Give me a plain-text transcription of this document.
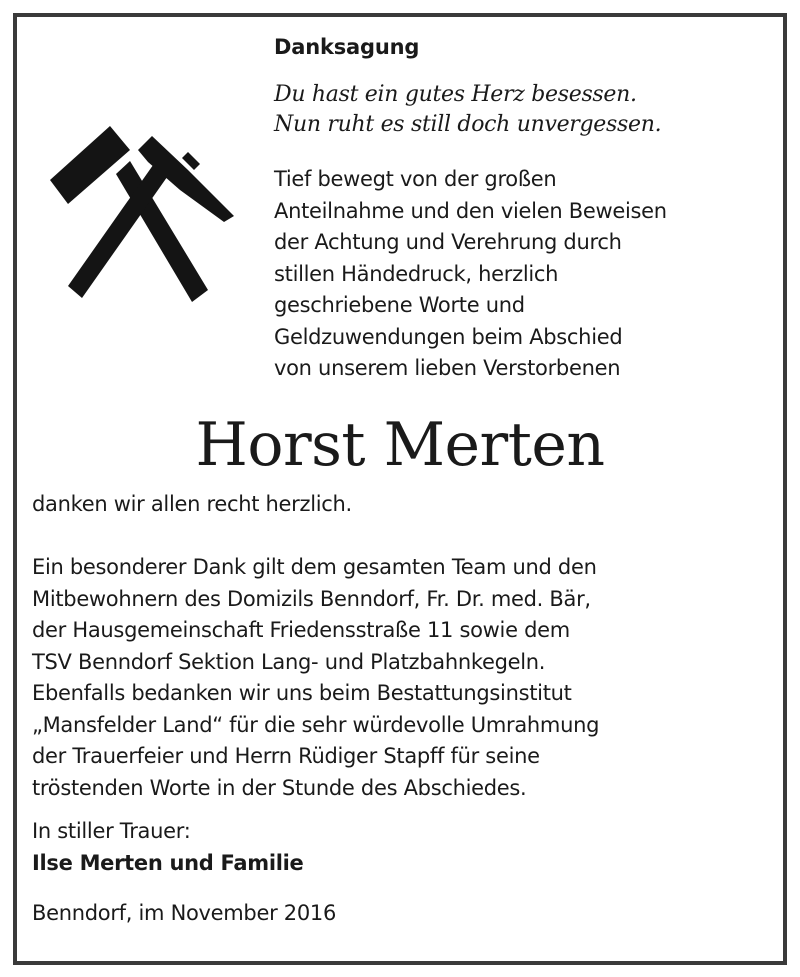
Danksagung
Du hast ein gutes Herz besessen.
Nun ruht es still doch unvergessen.
Tief bewegt von der großen
Anteilnahme und den vielen Beweisen
der Achtung und Verehrung durch
stillen Händedruck, herzlich
geschriebene Worte und
Geldzuwendungen beim Abschied
von unserem lieben Verstorbenen
Horst Merten
danken wir allen recht herzlich.
Ein besonderer Dank gilt dem gesamten Team und den
Mitbewohnern des Domizils Benndorf, Fr. Dr. med. Bär,
der Hausgemeinschaft Friedensstraße 11 sowie dem
TSV Benndorf Sektion Lang- und Platzbahnkegeln.
Ebenfalls bedanken wir uns beim Bestattungsinstitut
„Mansfelder Land“ für die sehr würdevolle Umrahmung
der Trauerfeier und Herrn Rüdiger Stapff für seine
tröstenden Worte in der Stunde des Abschiedes.
In stiller Trauer:
Ilse Merten und Familie
Benndorf, im November 2016
